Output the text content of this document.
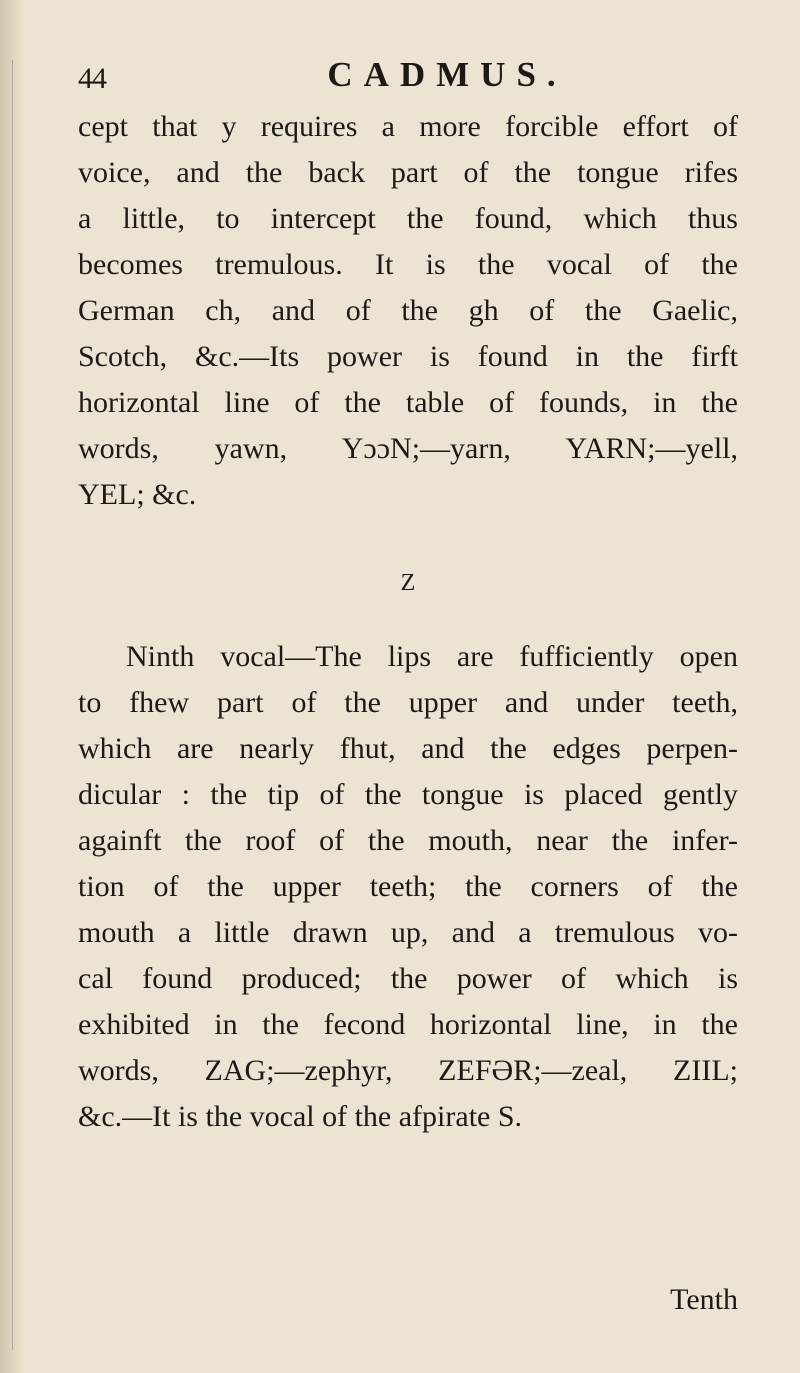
44	CADMUS.
cept that y requires a more forcible effort of
voice, and the back part of the tongue rifes
a little, to intercept the found, which thus
becomes tremulous. It is the vocal of the
German ch, and of the gh of the Gaelic,
Scotch, &c.—Its power is found in the firft
horizontal line of the table of founds, in the
words, yawn, YɔɔN;—yarn, YARN;—yell,
YEL; &c.
Z
Ninth vocal—The lips are fufficiently open
to fhew part of the upper and under teeth,
which are nearly fhut, and the edges perpen-
dicular : the tip of the tongue is placed gently
againft the roof of the mouth, near the infer-
tion of the upper teeth; the corners of the
mouth a little drawn up, and a tremulous vo-
cal found produced; the power of which is
exhibited in the fecond horizontal line, in the
words, ZAG;—zephyr, ZEFƏR;—zeal, ZIIL;
&c.—It is the vocal of the afpirate S.
Tenth
